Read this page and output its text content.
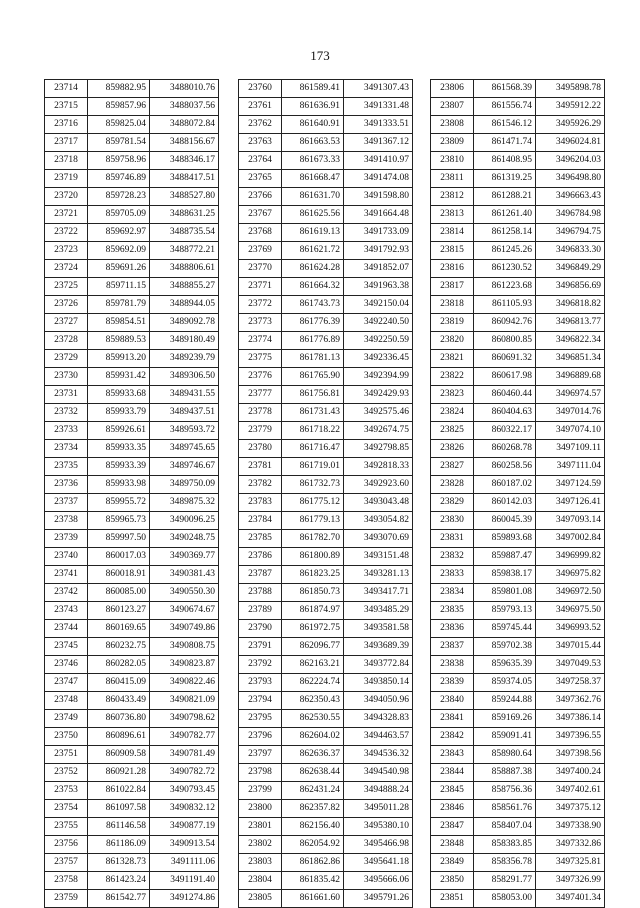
173
23714	859882.95	3488010.76
23715	859857.96	3488037.56
23716	859825.04	3488072.84
23717	859781.54	3488156.67
23718	859758.96	3488346.17
23719	859746.89	3488417.51
23720	859728.23	3488527.80
23721	859705.09	3488631.25
23722	859692.97	3488735.54
23723	859692.09	3488772.21
23724	859691.26	3488806.61
23725	859711.15	3488855.27
23726	859781.79	3488944.05
23727	859854.51	3489092.78
23728	859889.53	3489180.49
23729	859913.20	3489239.79
23730	859931.42	3489306.50
23731	859933.68	3489431.55
23732	859933.79	3489437.51
23733	859926.61	3489593.72
23734	859933.35	3489745.65
23735	859933.39	3489746.67
23736	859933.98	3489750.09
23737	859955.72	3489875.32
23738	859965.73	3490096.25
23739	859997.50	3490248.75
23740	860017.03	3490369.77
23741	860018.91	3490381.43
23742	860085.00	3490550.30
23743	860123.27	3490674.67
23744	860169.65	3490749.86
23745	860232.75	3490808.75
23746	860282.05	3490823.87
23747	860415.09	3490822.46
23748	860433.49	3490821.09
23749	860736.80	3490798.62
23750	860896.61	3490782.77
23751	860909.58	3490781.49
23752	860921.28	3490782.72
23753	861022.84	3490793.45
23754	861097.58	3490832.12
23755	861146.58	3490877.19
23756	861186.09	3490913.54
23757	861328.73	3491111.06
23758	861423.24	3491191.40
23759	861542.77	3491274.86
23760	861589.41	3491307.43
23761	861636.91	3491331.48
23762	861640.91	3491333.51
23763	861663.53	3491367.12
23764	861673.33	3491410.97
23765	861668.47	3491474.08
23766	861631.70	3491598.80
23767	861625.56	3491664.48
23768	861619.13	3491733.09
23769	861621.72	3491792.93
23770	861624.28	3491852.07
23771	861664.32	3491963.38
23772	861743.73	3492150.04
23773	861776.39	3492240.50
23774	861776.89	3492250.59
23775	861781.13	3492336.45
23776	861765.90	3492394.99
23777	861756.81	3492429.93
23778	861731.43	3492575.46
23779	861718.22	3492674.75
23780	861716.47	3492798.85
23781	861719.01	3492818.33
23782	861732.73	3492923.60
23783	861775.12	3493043.48
23784	861779.13	3493054.82
23785	861782.70	3493070.69
23786	861800.89	3493151.48
23787	861823.25	3493281.13
23788	861850.73	3493417.71
23789	861874.97	3493485.29
23790	861972.75	3493581.58
23791	862096.77	3493689.39
23792	862163.21	3493772.84
23793	862224.74	3493850.14
23794	862350.43	3494050.96
23795	862530.55	3494328.83
23796	862604.02	3494463.57
23797	862636.37	3494536.32
23798	862638.44	3494540.98
23799	862431.24	3494888.24
23800	862357.82	3495011.28
23801	862156.40	3495380.10
23802	862054.92	3495466.98
23803	861862.86	3495641.18
23804	861835.42	3495666.06
23805	861661.60	3495791.26
23806	861568.39	3495898.78
23807	861556.74	3495912.22
23808	861546.12	3495926.29
23809	861471.74	3496024.81
23810	861408.95	3496204.03
23811	861319.25	3496498.80
23812	861288.21	3496663.43
23813	861261.40	3496784.98
23814	861258.14	3496794.75
23815	861245.26	3496833.30
23816	861230.52	3496849.29
23817	861223.68	3496856.69
23818	861105.93	3496818.82
23819	860942.76	3496813.77
23820	860800.85	3496822.34
23821	860691.32	3496851.34
23822	860617.98	3496889.68
23823	860460.44	3496974.57
23824	860404.63	3497014.76
23825	860322.17	3497074.10
23826	860268.78	3497109.11
23827	860258.56	3497111.04
23828	860187.02	3497124.59
23829	860142.03	3497126.41
23830	860045.39	3497093.14
23831	859893.68	3497002.84
23832	859887.47	3496999.82
23833	859838.17	3496975.82
23834	859801.08	3496972.50
23835	859793.13	3496975.50
23836	859745.44	3496993.52
23837	859702.38	3497015.44
23838	859635.39	3497049.53
23839	859374.05	3497258.37
23840	859244.88	3497362.76
23841	859169.26	3497386.14
23842	859091.41	3497396.55
23843	858980.64	3497398.56
23844	858887.38	3497400.24
23845	858756.36	3497402.61
23846	858561.76	3497375.12
23847	858407.04	3497338.90
23848	858383.85	3497332.86
23849	858356.78	3497325.81
23850	858291.77	3497326.99
23851	858053.00	3497401.34
